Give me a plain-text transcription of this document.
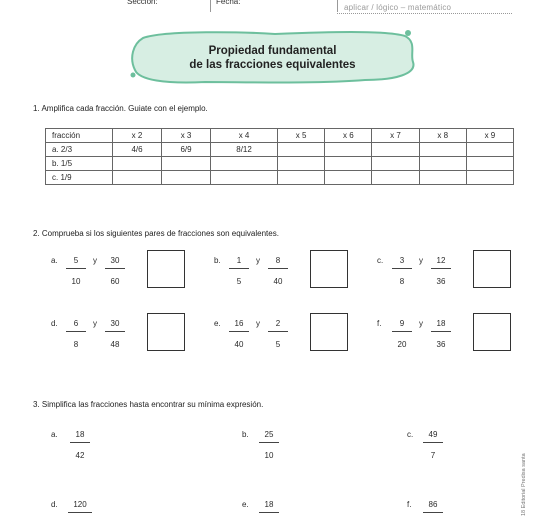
Sección:	Fecha:
aplicar / lógico – matemático
Propiedad fundamental
de las fracciones equivalentes
1. Amplifica cada fracción. Guiate con el ejemplo.
fracción	x 2	x 3	x 4	x 5	x 6	x 7	x 8	x 9
a. 2/3	4/6	6/9	8/12					
b. 1/5								
c. 1/9								
2. Comprueba si los siguientes pares de fracciones son equivalentes.
a.	5
10
y	30
60
b.	1
5
y	8
40
c.	3
8
y	12
36
d.	6
8
y	30
48
e.	16
40
y	2
5
f.	9
20
y	18
36
3. Simplifica las fracciones hasta encontrar su mínima expresión.
a.	18
42
b.	25
10
c.	49
7
d.	120	e.	18	f.	86	18 Editorial Predisa santa
